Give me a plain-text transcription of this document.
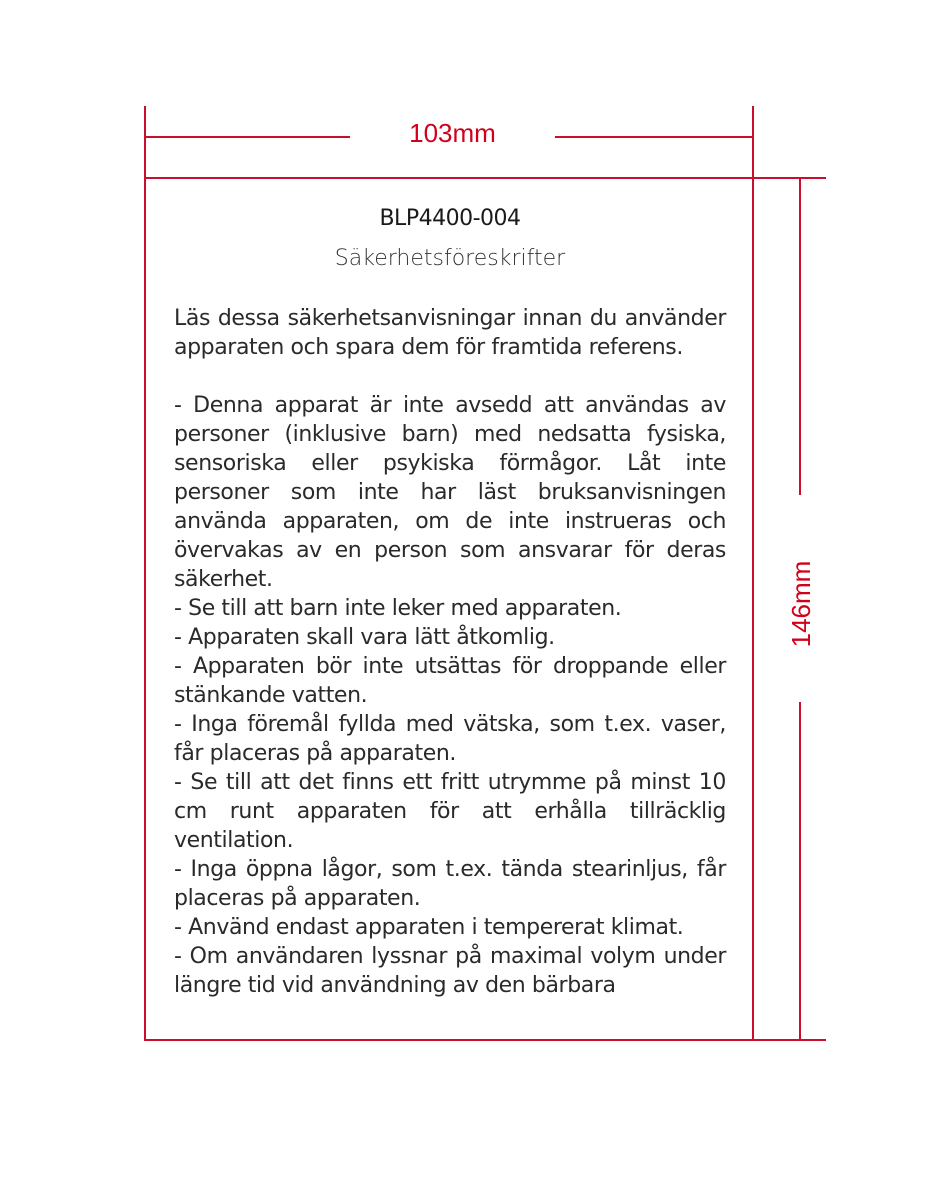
103mm
146mm
BLP4400-004
Säkerhetsföreskrifter

Läs dessa säkerhetsanvisningar innan du använder apparaten och spara dem för framtida referens.

- Denna apparat är inte avsedd att användas av personer (inklusive barn) med nedsatta fysiska, sensoriska eller psykiska förmågor. Låt inte personer som inte har läst bruksanvisningen använda apparaten, om de inte instrueras och övervakas av en person som ansvarar för deras säkerhet.

- Se till att barn inte leker med apparaten.

- Apparaten skall vara lätt åtkomlig.

- Apparaten bör inte utsättas för droppande eller stänkande vatten.

- Inga föremål fyllda med vätska, som t.ex. vaser, får placeras på apparaten.

- Se till att det finns ett fritt utrymme på minst 10 cm runt apparaten för att erhålla tillräcklig ventilation.

- Inga öppna lågor, som t.ex. tända stearinljus, får placeras på apparaten.

- Använd endast apparaten i tempererat klimat.

- Om användaren lyssnar på maximal volym under längre tid vid användning av den bärbara
